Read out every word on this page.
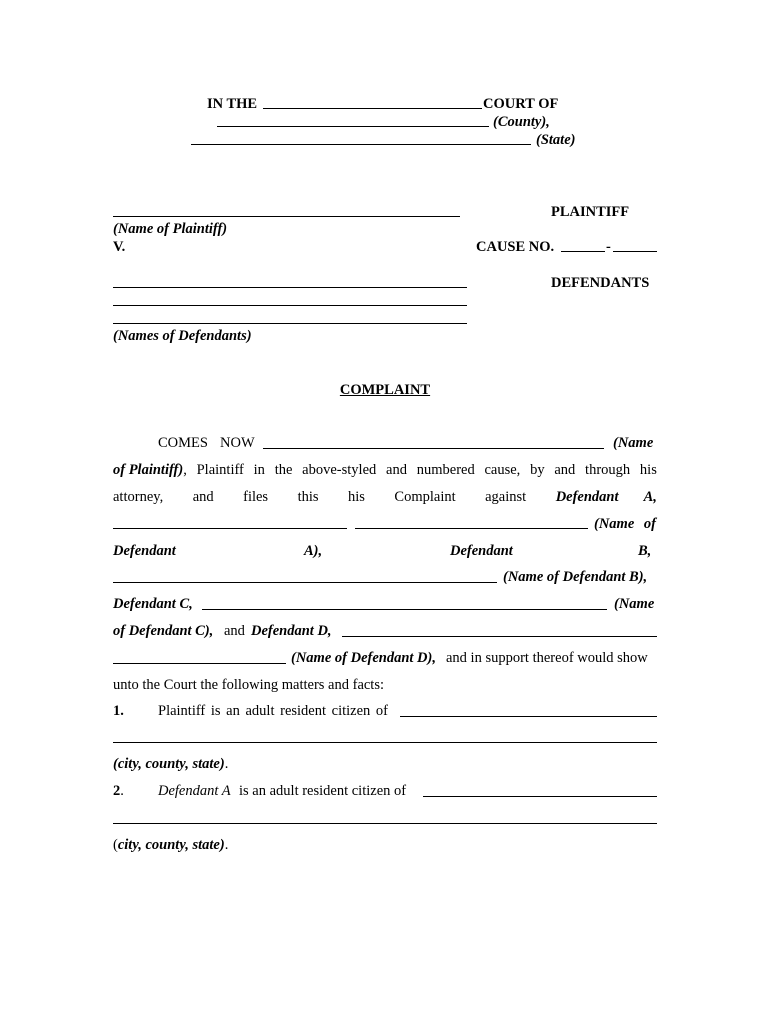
IN THE	COURT OF
(County),
(State)
PLAINTIFF
(Name of Plaintiff)
V.	CAUSE NO.	-
DEFENDANTS
(Names of Defendants)
COMPLAINT
COMES NOW	(Name
of Plaintiff), Plaintiff in the above-styled and numbered cause, by and through his
attorney, and files this his Complaint against Defendant A,
(Name of
Defendant	A),	Defendant	B,
(Name of Defendant B),
Defendant C,	(Name
of Defendant C), and Defendant D,
(Name of Defendant D), and in support thereof would show
unto the Court the following matters and facts:
1. Plaintiff is an adult resident citizen of
(city, county, state).
2. Defendant A is an adult resident citizen of
(city, county, state).
